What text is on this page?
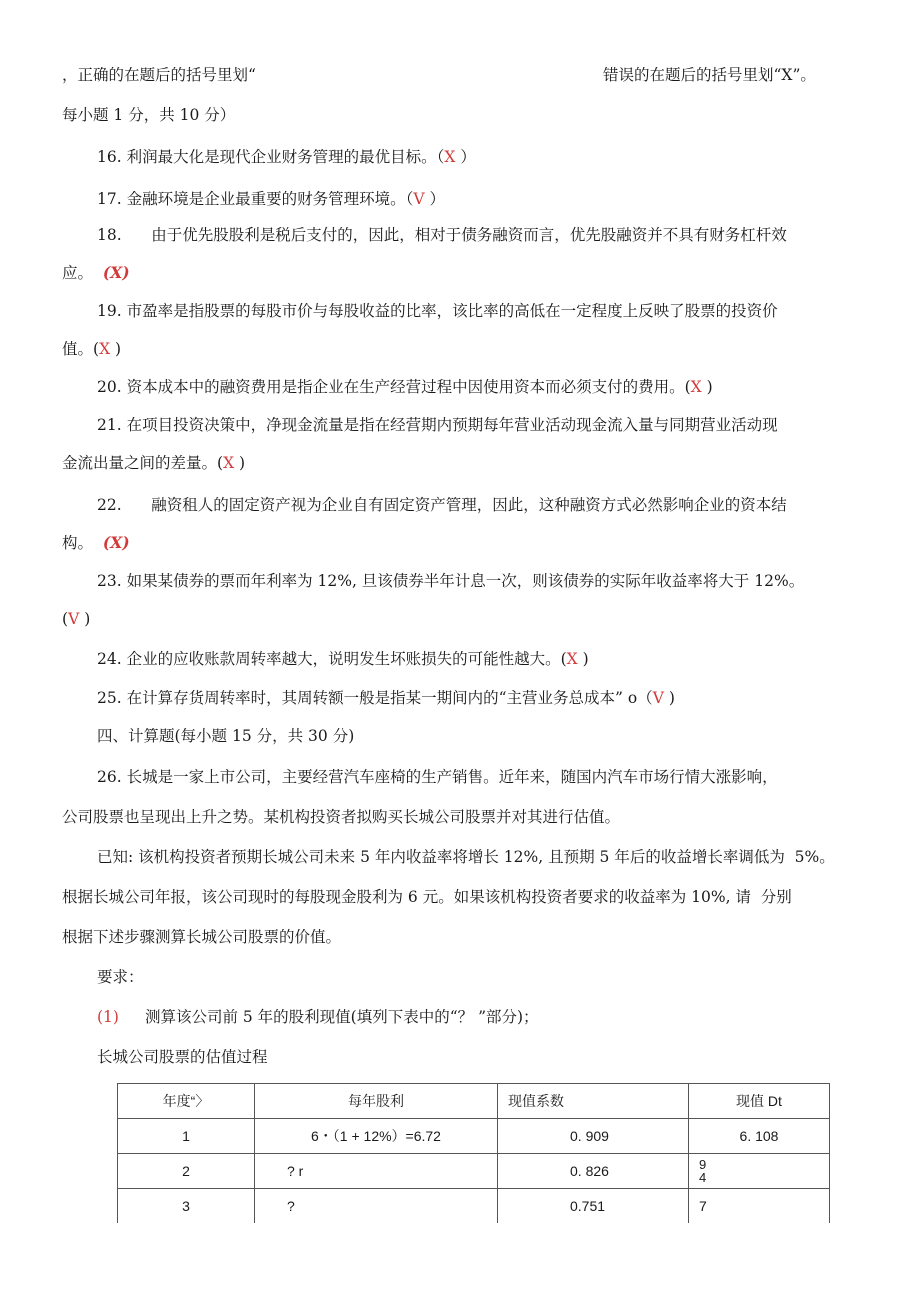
，正确的在题后的括号里划“	错误的在题后的括号里划“X”。
每小题 1 分，共 10 分）
16. 利润最大化是现代企业财务管理的最优目标。（X ）
17. 金融环境是企业最重要的财务管理环境。（V ）
18.      由于优先股股利是税后支付的，因此，相对于债务融资而言，优先股融资并不具有财务杠杆效
应。 (X)
19. 市盈率是指股票的每股市价与每股收益的比率，该比率的高低在一定程度上反映了股票的投资价
值。(X )
20. 资本成本中的融资费用是指企业在生产经营过程中因使用资本而必须支付的费用。(X )
21. 在项目投资决策中，净现金流量是指在经营期内预期每年营业活动现金流入量与同期营业活动现
金流出量之间的差量。(X )
22.      融资租人的固定资产视为企业自有固定资产管理，因此，这种融资方式必然影响企业的资本结
构。 (X)
23. 如果某债券的票而年利率为 12%, 旦该债券半年计息一次，则该债券的实际年收益率将大于 12%。
(V )
24. 企业的应收账款周转率越大，说明发生坏账损失的可能性越大。(X )
25. 在计算存货周转率时，其周转额一般是指某一期间内的“主营业务总成本” o（V )
四、计算题(每小题 15 分，共 30 分)
26. 长城是一家上市公司，主要经营汽车座椅的生产销售。近年来，随国内汽车市场行情大涨影响，
公司股票也呈现出上升之势。某机构投资者拟购买长城公司股票并对其进行估值。
已知: 该机构投资者预期长城公司未来 5 年内收益率将增长 12%, 且预期 5 年后的收益增长率调低为  5%。
根据长城公司年报，该公司现时的每股现金股利为 6 元。如果该机构投资者要求的收益率为 10%, 请  分别
根据下述步骤测算长城公司股票的价值。
要求：
(1) 测算该公司前 5 年的股利现值(填列下表中的“？ ”部分)；
长城公司股票的估值过程
年度“〉	每年股利	现值系数	现值 Dt
1	6・（1 + 12%）=6.72	0. 909	6. 108
2	? r	0. 826	9
4
3	?	0.751	7
